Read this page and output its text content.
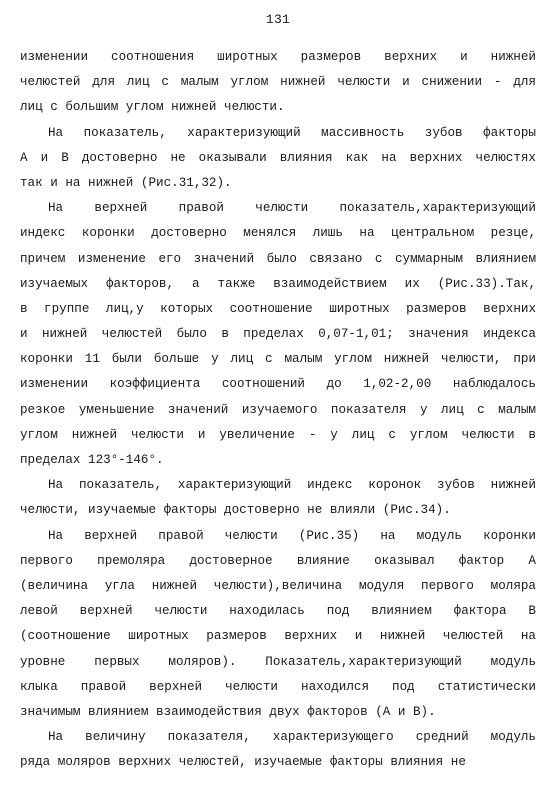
131
изменении соотношения широтных размеров верхних и нижней
челюстей для лиц с малым углом нижней челюсти и снижении - для
лиц с большим углом нижней челюсти.
На показатель, характеризующий массивность зубов факторы
А и В достоверно не оказывали влияния как на верхних челюстях
так и на нижней (Рис.31,32).
На верхней правой челюсти показатель,характеризующий
индекс коронки достоверно менялся лишь на центральном резце,
причем изменение его значений было связано с суммарным влиянием
изучаемых факторов, а также взаимодействием их (Рис.33).Так,
в группе лиц,у которых соотношение широтных размеров верхних
и нижней челюстей было в пределах 0,07-1,01; значения индекса
коронки 11 были больше у лиц с малым углом нижней челюсти, при
изменении коэффициента соотношений до 1,02-2,00 наблюдалось
резкое уменьшение значений изучаемого показателя у лиц с малым
углом нижней челюсти и увеличение - у лиц с углом челюсти в
пределах 123°-146°.
На показатель, характеризующий индекс коронок зубов нижней
челюсти, изучаемые факторы достоверно не влияли (Рис.34).
На верхней правой челюсти (Рис.35) на модуль коронки
первого премоляра достоверное влияние оказывал фактор А
(величина угла нижней челюсти),величина модуля первого моляра
левой верхней челюсти находилась под влиянием фактора В
(соотношение широтных размеров верхних и нижней челюстей на
уровне первых моляров). Показатель,характеризующий модуль
клыка правой верхней челюсти находился под статистически
значимым влиянием взаимодействия двух факторов (А и В).
На величину показателя, характеризующего средний модуль
ряда моляров верхних челюстей, изучаемые факторы влияния не
